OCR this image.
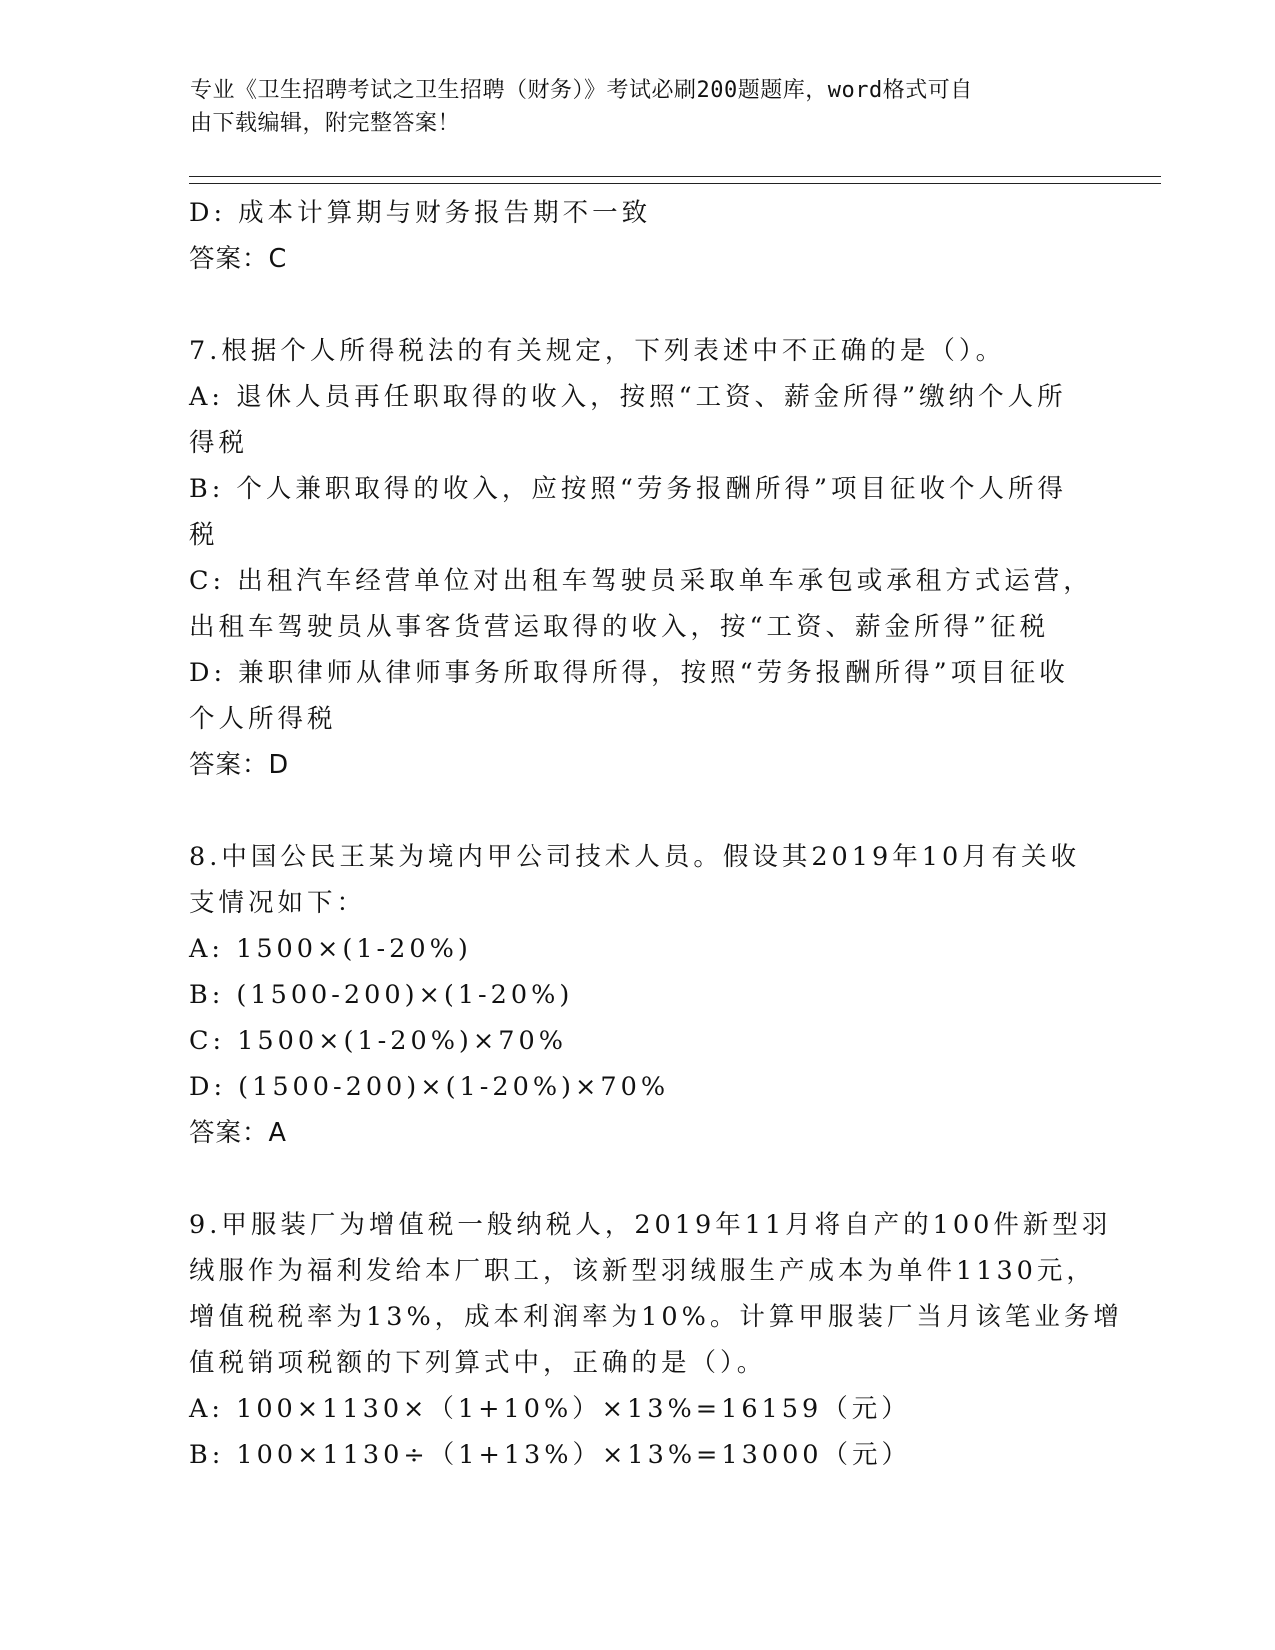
专业《卫生招聘考试之卫生招聘（财务）》考试必刷200题题库，word格式可自
由下载编辑，附完整答案！
D: 成本计算期与财务报告期不一致
答案：C
7.根据个人所得税法的有关规定，下列表述中不正确的是（）。
A: 退休人员再任职取得的收入，按照“工资、薪金所得”缴纳个人所
得税
B: 个人兼职取得的收入，应按照“劳务报酬所得”项目征收个人所得
税
C: 出租汽车经营单位对出租车驾驶员采取单车承包或承租方式运营，
出租车驾驶员从事客货营运取得的收入，按“工资、薪金所得”征税
D: 兼职律师从律师事务所取得所得，按照“劳务报酬所得”项目征收
个人所得税
答案：D
8.中国公民王某为境内甲公司技术人员。假设其2019年10月有关收
支情况如下：
A: 1500×(1-20%)
B: (1500-200)×(1-20%)
C: 1500×(1-20%)×70%
D: (1500-200)×(1-20%)×70%
答案：A
9.甲服装厂为增值税一般纳税人，2019年11月将自产的100件新型羽
绒服作为福利发给本厂职工，该新型羽绒服生产成本为单件1130元，
增值税税率为13%，成本利润率为10%。计算甲服装厂当月该笔业务增
值税销项税额的下列算式中，正确的是（）。
A: 100×1130×（1+10%）×13%=16159（元）
B: 100×1130÷（1+13%）×13%=13000（元）
